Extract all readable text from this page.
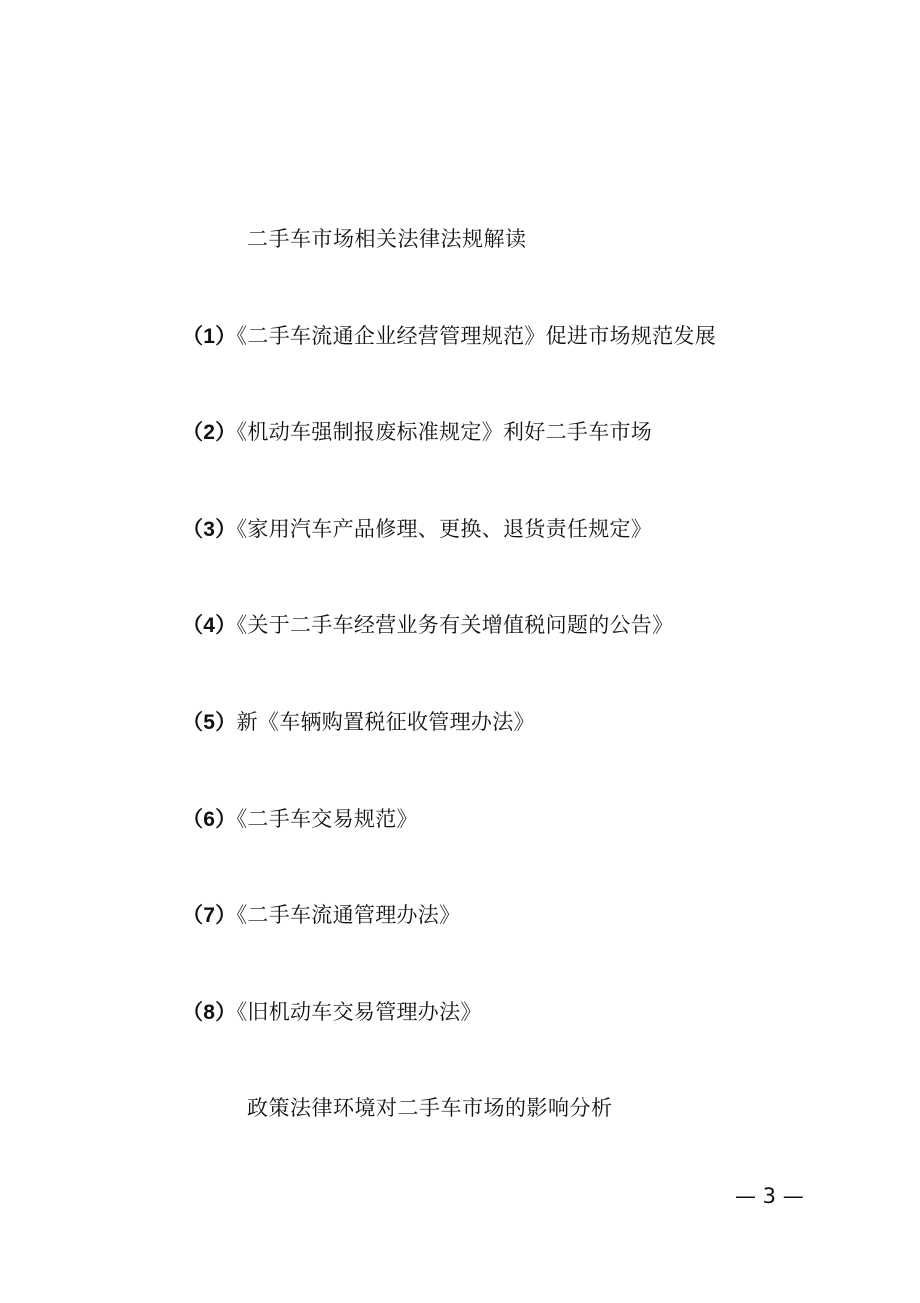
二手车市场相关法律法规解读
（1）《二手车流通企业经营管理规范》促进市场规范发展
（2）《机动车强制报废标准规定》利好二手车市场
（3）《家用汽车产品修理、更换、退货责任规定》
（4）《关于二手车经营业务有关增值税问题的公告》
（5）新《车辆购置税征收管理办法》
（6）《二手车交易规范》
（7）《二手车流通管理办法》
（8）《旧机动车交易管理办法》
政策法律环境对二手车市场的影响分析
— 3 —
